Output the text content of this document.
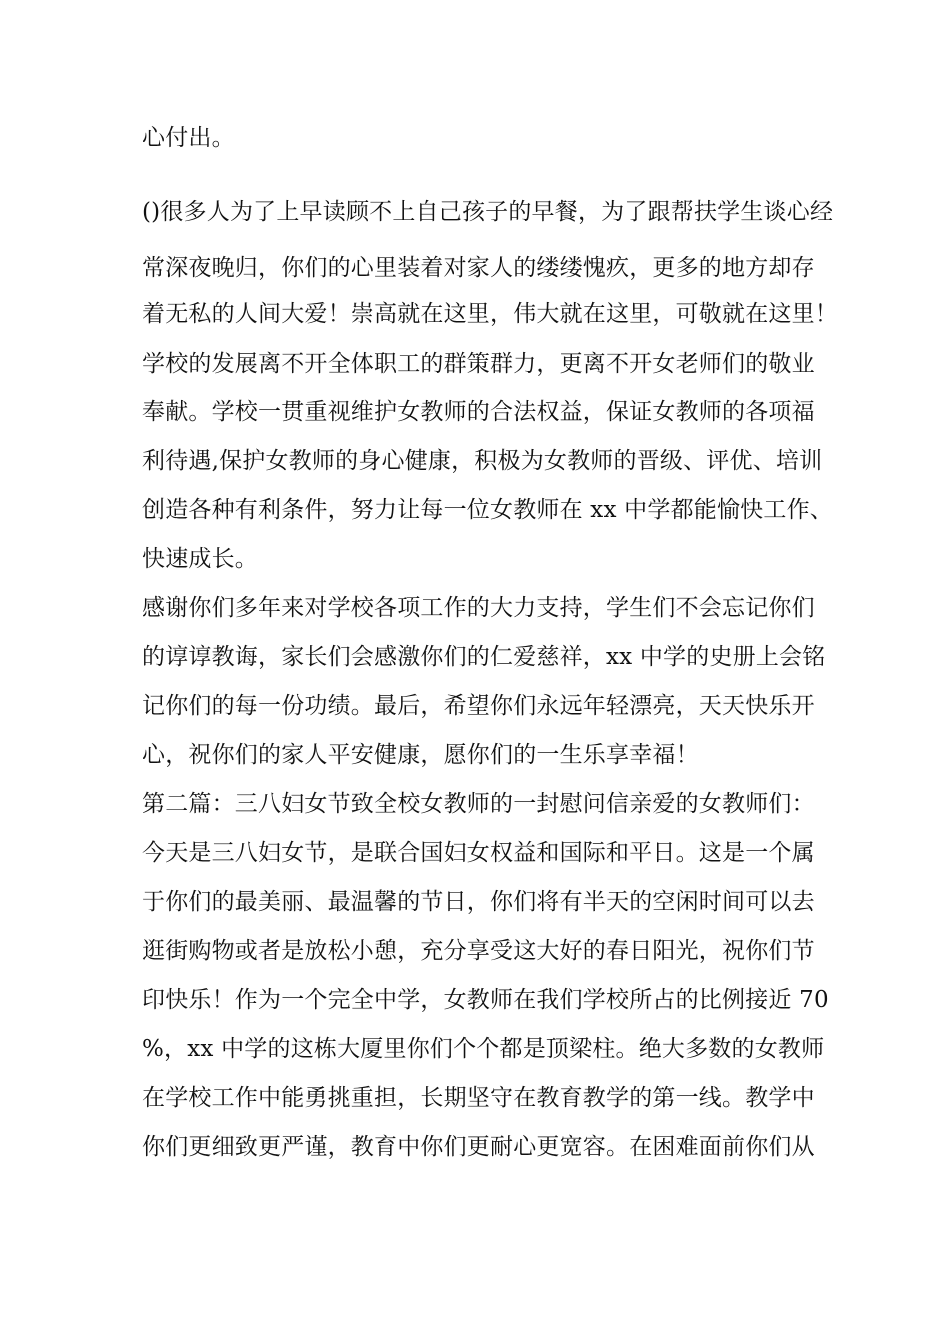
心付出。
()很多人为了上早读顾不上自己孩子的早餐，为了跟帮扶学生谈心经
常深夜晚归，你们的心里装着对家人的缕缕愧疚，更多的地方却存
着无私的人间大爱！崇高就在这里，伟大就在这里，可敬就在这里！
学校的发展离不开全体职工的群策群力，更离不开女老师们的敬业
奉献。学校一贯重视维护女教师的合法权益，保证女教师的各项福
利待遇,保护女教师的身心健康，积极为女教师的晋级、评优、培训
创造各种有利条件，努力让每一位女教师在 xx 中学都能愉快工作、
快速成长。
感谢你们多年来对学校各项工作的大力支持，学生们不会忘记你们
的谆谆教诲，家长们会感激你们的仁爱慈祥，xx 中学的史册上会铭
记你们的每一份功绩。最后，希望你们永远年轻漂亮，天天快乐开
心，祝你们的家人平安健康，愿你们的一生乐享幸福！
第二篇：三八妇女节致全校女教师的一封慰问信亲爱的女教师们：
今天是三八妇女节，是联合国妇女权益和国际和平日。这是一个属
于你们的最美丽、最温馨的节日，你们将有半天的空闲时间可以去
逛街购物或者是放松小憩，充分享受这大好的春日阳光，祝你们节
印快乐！作为一个完全中学，女教师在我们学校所占的比例接近 70
%，xx 中学的这栋大厦里你们个个都是顶梁柱。绝大多数的女教师
在学校工作中能勇挑重担，长期坚守在教育教学的第一线。教学中
你们更细致更严谨，教育中你们更耐心更宽容。在困难面前你们从
